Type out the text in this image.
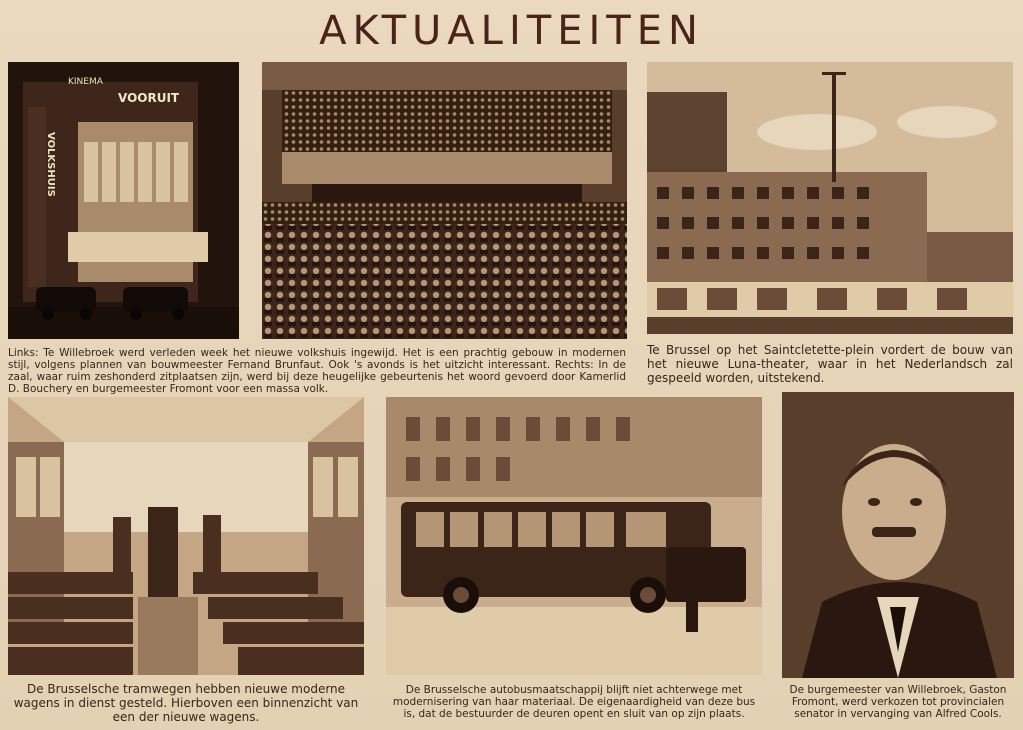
AKTUALITEITEN
KINEMA
VOORUIT
VOLKSHUIS

Links: Te Willebroek werd verleden week het nieuwe volkshuis ingewijd. Het is een prachtig gebouw in modernen stijl, volgens plannen van bouwmeester Fernand Brunfaut. Ook 's avonds is het uitzicht interessant. Rechts: In de zaal, waar ruim zeshonderd zitplaatsen zijn, werd bij deze heugelijke gebeurtenis het woord gevoerd door Kamerlid D. Bouchery en burgemeester Fromont voor een massa volk.

Te Brussel op het Saintcletette-plein vordert de bouw van het nieuwe Luna-theater, waar in het Nederlandsch zal gespeeld worden, uitstekend.

De Brusselsche tramwegen hebben nieuwe moderne wagens in dienst gesteld. Hierboven een binnenzicht van een der nieuwe wagens.

De Brusselsche autobusmaatschappij blijft niet achterwege met modernisering van haar materiaal. De eigenaardigheid van deze bus is, dat de bestuurder de deuren opent en sluit van op zijn plaats.

De burgemeester van Willebroek, Gaston Fromont, werd verkozen tot provincialen senator in vervanging van Alfred Cools.
